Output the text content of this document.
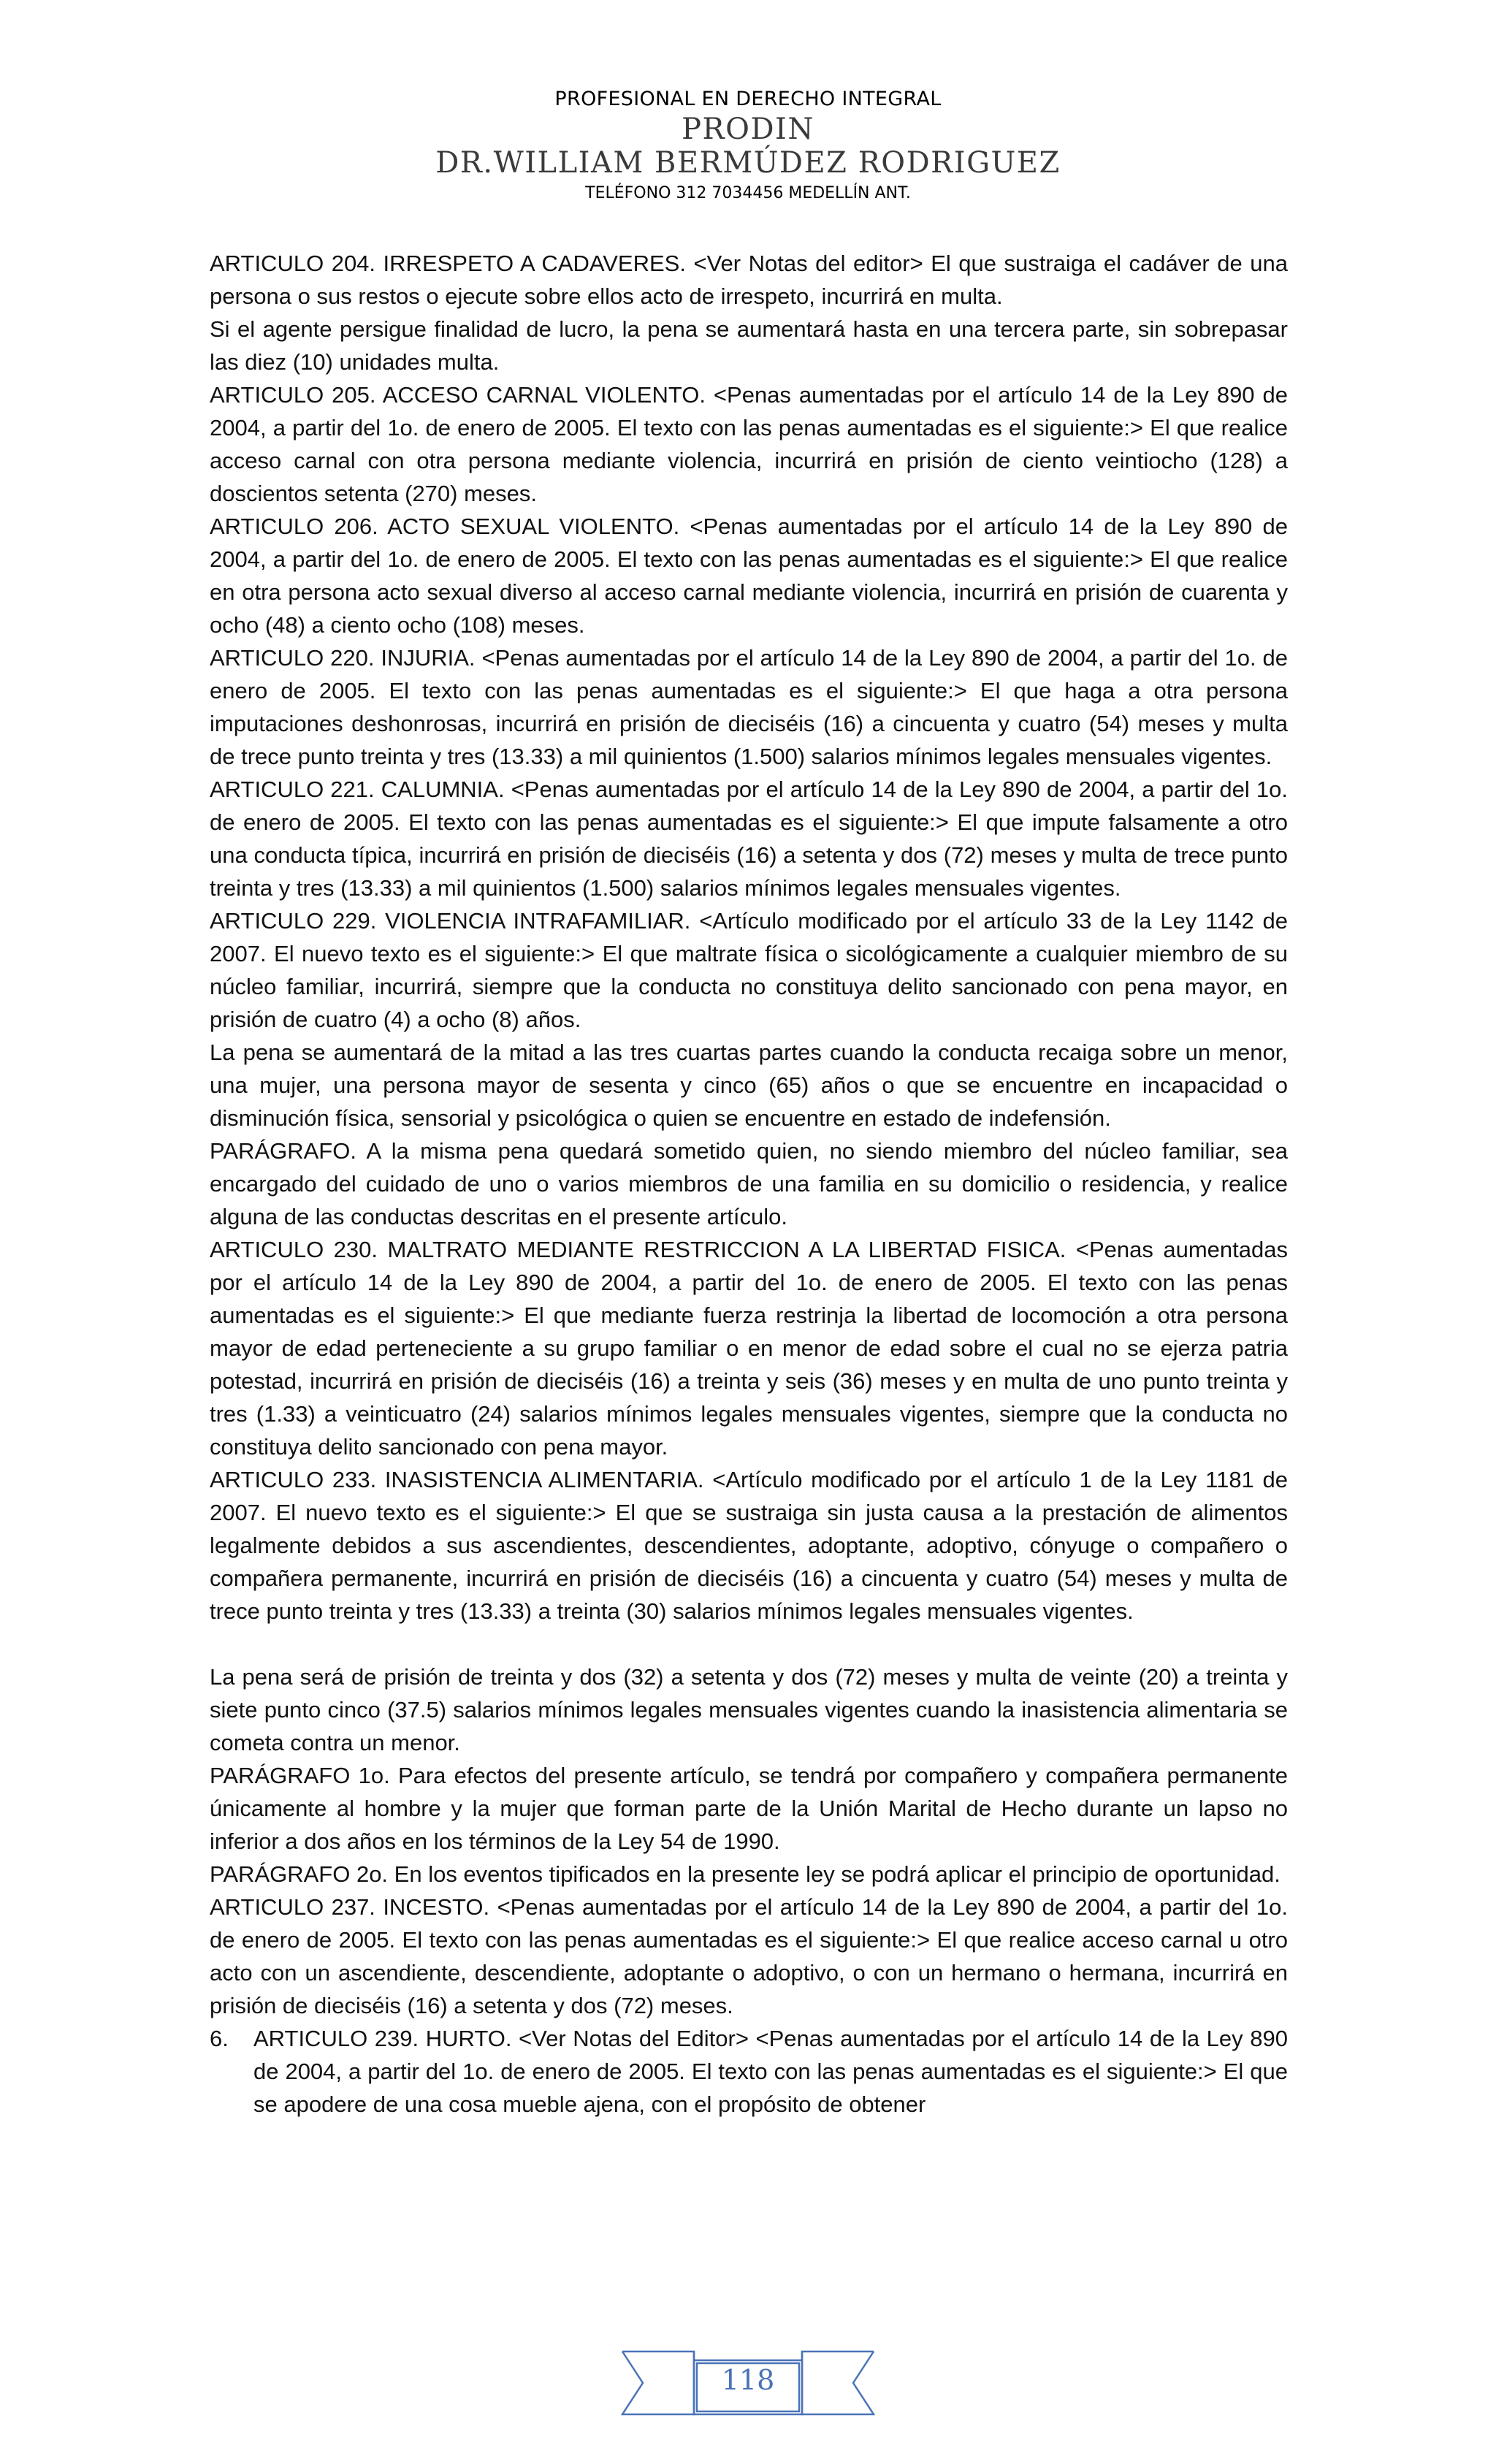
PROFESIONAL EN DERECHO INTEGRAL
PRODIN
DR.WILLIAM BERMÚDEZ RODRIGUEZ
TELÉFONO 312 7034456 MEDELLÍN ANT.

ARTICULO 204. IRRESPETO A CADAVERES. <Ver Notas del editor> El que sustraiga el cadáver de una persona o sus restos o ejecute sobre ellos acto de irrespeto, incurrirá en multa.

Si el agente persigue finalidad de lucro, la pena se aumentará hasta en una tercera parte, sin sobrepasar las diez (10) unidades multa.

ARTICULO 205. ACCESO CARNAL VIOLENTO. <Penas aumentadas por el artículo 14 de la Ley 890 de 2004, a partir del 1o. de enero de 2005. El texto con las penas aumentadas es el siguiente:> El que realice acceso carnal con otra persona mediante violencia, incurrirá en prisión de ciento veintiocho (128) a doscientos setenta (270) meses.

ARTICULO 206. ACTO SEXUAL VIOLENTO. <Penas aumentadas por el artículo 14 de la Ley 890 de 2004, a partir del 1o. de enero de 2005. El texto con las penas aumentadas es el siguiente:> El que realice en otra persona acto sexual diverso al acceso carnal mediante violencia, incurrirá en prisión de cuarenta y ocho (48) a ciento ocho (108) meses.

ARTICULO 220. INJURIA. <Penas aumentadas por el artículo 14 de la Ley 890 de 2004, a partir del 1o. de enero de 2005. El texto con las penas aumentadas es el siguiente:> El que haga a otra persona imputaciones deshonrosas, incurrirá en prisión de dieciséis (16) a cincuenta y cuatro (54) meses y multa de trece punto treinta y tres (13.33) a mil quinientos (1.500) salarios mínimos legales mensuales vigentes.

ARTICULO 221. CALUMNIA. <Penas aumentadas por el artículo 14 de la Ley 890 de 2004, a partir del 1o. de enero de 2005. El texto con las penas aumentadas es el siguiente:> El que impute falsamente a otro una conducta típica, incurrirá en prisión de dieciséis (16) a setenta y dos (72) meses y multa de trece punto treinta y tres (13.33) a mil quinientos (1.500) salarios mínimos legales mensuales vigentes.

ARTICULO 229. VIOLENCIA INTRAFAMILIAR. <Artículo modificado por el artículo 33 de la Ley 1142 de 2007. El nuevo texto es el siguiente:> El que maltrate física o sicológicamente a cualquier miembro de su núcleo familiar, incurrirá, siempre que la conducta no constituya delito sancionado con pena mayor, en prisión de cuatro (4) a ocho (8) años.

La pena se aumentará de la mitad a las tres cuartas partes cuando la conducta recaiga sobre un menor, una mujer, una persona mayor de sesenta y cinco (65) años o que se encuentre en incapacidad o disminución física, sensorial y psicológica o quien se encuentre en estado de indefensión.

PARÁGRAFO. A la misma pena quedará sometido quien, no siendo miembro del núcleo familiar, sea encargado del cuidado de uno o varios miembros de una familia en su domicilio o residencia, y realice alguna de las conductas descritas en el presente artículo.

ARTICULO 230. MALTRATO MEDIANTE RESTRICCION A LA LIBERTAD FISICA. <Penas aumentadas por el artículo 14 de la Ley 890 de 2004, a partir del 1o. de enero de 2005. El texto con las penas aumentadas es el siguiente:> El que mediante fuerza restrinja la libertad de locomoción a otra persona mayor de edad perteneciente a su grupo familiar o en menor de edad sobre el cual no se ejerza patria potestad, incurrirá en prisión de dieciséis (16) a treinta y seis (36) meses y en multa de uno punto treinta y tres (1.33) a veinticuatro (24) salarios mínimos legales mensuales vigentes, siempre que la conducta no constituya delito sancionado con pena mayor.

ARTICULO 233. INASISTENCIA ALIMENTARIA. <Artículo modificado por el artículo 1 de la Ley 1181 de 2007. El nuevo texto es el siguiente:> El que se sustraiga sin justa causa a la prestación de alimentos legalmente debidos a sus ascendientes, descendientes, adoptante, adoptivo, cónyuge o compañero o compañera permanente, incurrirá en prisión de dieciséis (16) a cincuenta y cuatro (54) meses y multa de trece punto treinta y tres (13.33) a treinta (30) salarios mínimos legales mensuales vigentes.

La pena será de prisión de treinta y dos (32) a setenta y dos (72) meses y multa de veinte (20) a treinta y siete punto cinco (37.5) salarios mínimos legales mensuales vigentes cuando la inasistencia alimentaria se cometa contra un menor.

PARÁGRAFO 1o. Para efectos del presente artículo, se tendrá por compañero y compañera permanente únicamente al hombre y la mujer que forman parte de la Unión Marital de Hecho durante un lapso no inferior a dos años en los términos de la Ley 54 de 1990.

PARÁGRAFO 2o. En los eventos tipificados en la presente ley se podrá aplicar el principio de oportunidad.

ARTICULO 237. INCESTO. <Penas aumentadas por el artículo 14 de la Ley 890 de 2004, a partir del 1o. de enero de 2005. El texto con las penas aumentadas es el siguiente:> El que realice acceso carnal u otro acto con un ascendiente, descendiente, adoptante o adoptivo, o con un hermano o hermana, incurrirá en prisión de dieciséis (16) a setenta y dos (72) meses.

6.	ARTICULO 239. HURTO. <Ver Notas del Editor> <Penas aumentadas por el artículo 14 de la Ley 890 de 2004, a partir del 1o. de enero de 2005. El texto con las penas aumentadas es el siguiente:> El que se apodere de una cosa mueble ajena, con el propósito de obtener
118
